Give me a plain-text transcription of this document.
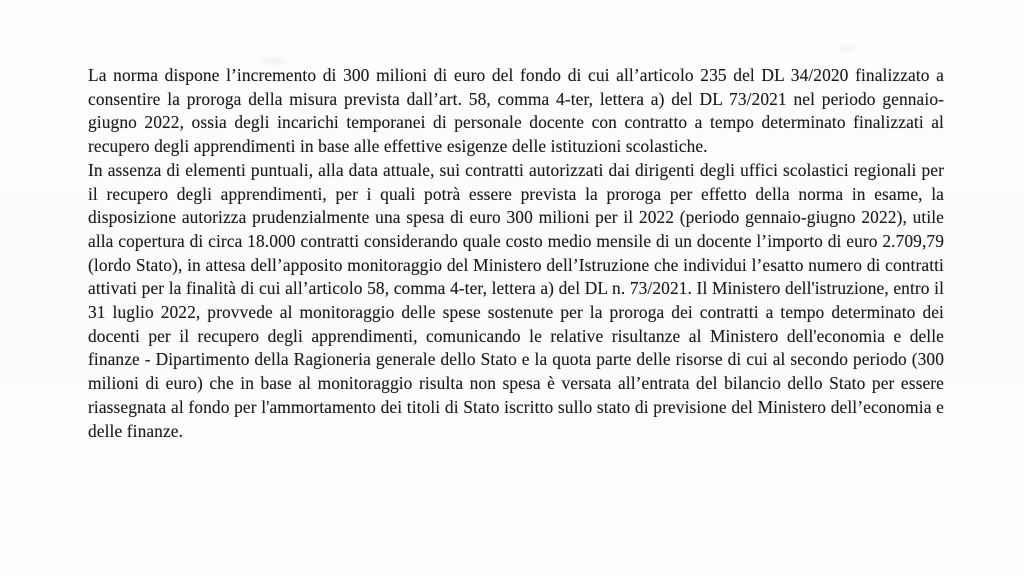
La norma dispone l’incremento di 300 milioni di euro del fondo di cui all’articolo 235 del DL 34/2020 finalizzato a consentire la proroga della misura prevista dall’art. 58, comma 4-ter, lettera a) del DL 73/2021 nel periodo gennaio-giugno 2022, ossia degli incarichi temporanei di personale docente con contratto a tempo determinato finalizzati al recupero degli apprendimenti in base alle effettive esigenze delle istituzioni scolastiche.

In assenza di elementi puntuali, alla data attuale, sui contratti autorizzati dai dirigenti degli uffici scolastici regionali per il recupero degli apprendimenti, per i quali potrà essere prevista la proroga per effetto della norma in esame, la disposizione autorizza prudenzialmente una spesa di euro 300 milioni per il 2022 (periodo gennaio-giugno 2022), utile alla copertura di circa 18.000 contratti considerando quale costo medio mensile di un docente l’importo di euro 2.709,79 (lordo Stato), in attesa dell’apposito monitoraggio del Ministero dell’Istruzione che individui l’esatto numero di contratti attivati per la finalità di cui all’articolo 58, comma 4-ter, lettera a) del DL n. 73/2021. Il Ministero dell'istruzione, entro il 31 luglio 2022, provvede al monitoraggio delle spese sostenute per la proroga dei contratti a tempo determinato dei docenti per il recupero degli apprendimenti, comunicando le relative risultanze al Ministero dell'economia e delle finanze - Dipartimento della Ragioneria generale dello Stato e la quota parte delle risorse di cui al secondo periodo (300 milioni di euro) che in base al monitoraggio risulta non spesa è versata all’entrata del bilancio dello Stato per essere riassegnata al fondo per l'ammortamento dei titoli di Stato iscritto sullo stato di previsione del Ministero dell’economia e delle finanze.
